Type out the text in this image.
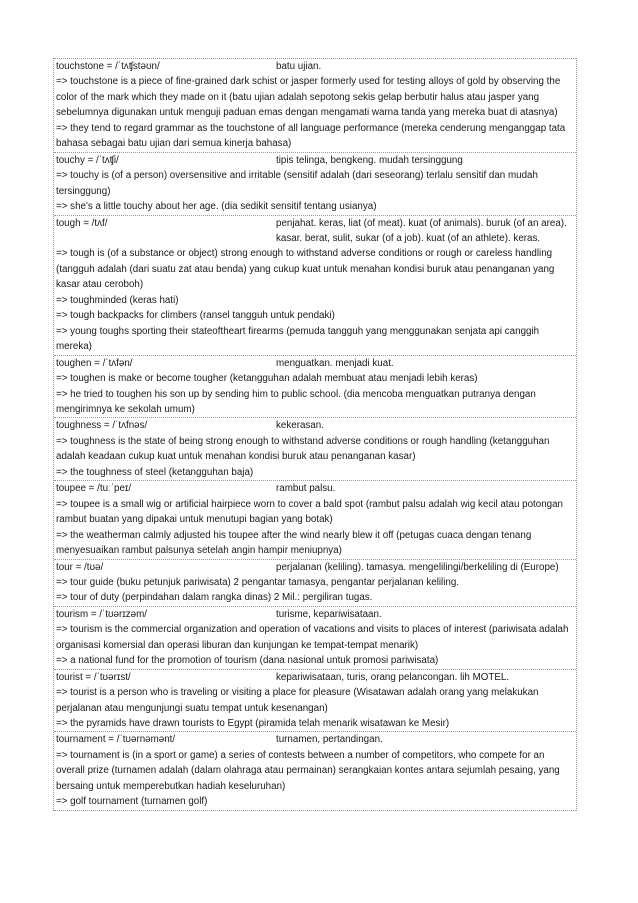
touchstone = /ˈtʌʧstəʊn/	batu ujian.

=> touchstone is a piece of fine-grained dark schist or jasper formerly used for testing alloys of gold by observing the color of the mark which they made on it (batu ujian adalah sepotong sekis gelap berbutir halus atau jasper yang sebelumnya digunakan untuk menguji paduan emas dengan mengamati warna tanda yang mereka buat di atasnya)

=> they tend to regard grammar as the touchstone of all language performance (mereka cenderung menganggap tata bahasa sebagai batu ujian dari semua kinerja bahasa)

touchy = /ˈtʌʧi/	tipis telinga, bengkeng. mudah tersinggung

=> touchy is (of a person) oversensitive and irritable (sensitif adalah (dari seseorang) terlalu sensitif dan mudah tersinggung)

=> she's a little touchy about her age. (dia sedikit sensitif tentang usianya)

tough = /tʌf/	penjahat. keras, liat (of meat). kuat (of animals). buruk (of an area). kasar. berat, sulit, sukar (of a job). kuat (of an athlete). keras.

=> tough is (of a substance or object) strong enough to withstand adverse conditions or rough or careless handling (tangguh adalah (dari suatu zat atau benda) yang cukup kuat untuk menahan kondisi buruk atau penanganan yang kasar atau ceroboh)

=> toughminded (keras hati)

=> tough backpacks for climbers (ransel tangguh untuk pendaki)

=> young toughs sporting their stateoftheart firearms (pemuda tangguh yang menggunakan senjata api canggih mereka)

toughen = /ˈtʌfən/	menguatkan. menjadi kuat.

=> toughen is make or become tougher (ketangguhan adalah membuat atau menjadi lebih keras)

=> he tried to toughen his son up by sending him to public school. (dia mencoba menguatkan putranya dengan mengirimnya ke sekolah umum)

toughness = /ˈtʌfnəs/	kekerasan.

=> toughness is the state of being strong enough to withstand adverse conditions or rough handling (ketangguhan adalah keadaan cukup kuat untuk menahan kondisi buruk atau penanganan kasar)

=> the toughness of steel (ketangguhan baja)

toupee = /tuːˈpeɪ/	rambut palsu.

=> toupee is a small wig or artificial hairpiece worn to cover a bald spot (rambut palsu adalah wig kecil atau potongan rambut buatan yang dipakai untuk menutupi bagian yang botak)

=> the weatherman calmly adjusted his toupee after the wind nearly blew it off (petugas cuaca dengan tenang menyesuaikan rambut palsunya setelah angin hampir meniupnya)

tour = /tʊə/	perjalanan (keliling). tamasya. mengelilingi/berkeliling di (Europe)

=> tour guide (buku petunjuk pariwisata) 2 pengantar tamasya, pengantar perjalanan keliling.

=> tour of duty (perpindahan dalam rangka dinas) 2 Mil.: pergiliran tugas.

tourism = /ˈtʊərɪzəm/	turisme, kepariwisataan.

=> tourism is the commercial organization and operation of vacations and visits to places of interest (pariwisata adalah organisasi komersial dan operasi liburan dan kunjungan ke tempat-tempat menarik)

=> a national fund for the promotion of tourism (dana nasional untuk promosi pariwisata)

tourist = /ˈtʊərɪst/	kepariwisataan, turis, orang pelancongan. lih MOTEL.

=> tourist is a person who is traveling or visiting a place for pleasure (Wisatawan adalah orang yang melakukan perjalanan atau mengunjungi suatu tempat untuk kesenangan)

=> the pyramids have drawn tourists to Egypt (piramida telah menarik wisatawan ke Mesir)

tournament = /ˈtʊərnəmənt/	turnamen, pertandingan.

=> tournament is (in a sport or game) a series of contests between a number of competitors, who compete for an overall prize (turnamen adalah (dalam olahraga atau permainan) serangkaian kontes antara sejumlah pesaing, yang bersaing untuk memperebutkan hadiah keseluruhan)

=> golf tournament (turnamen golf)
